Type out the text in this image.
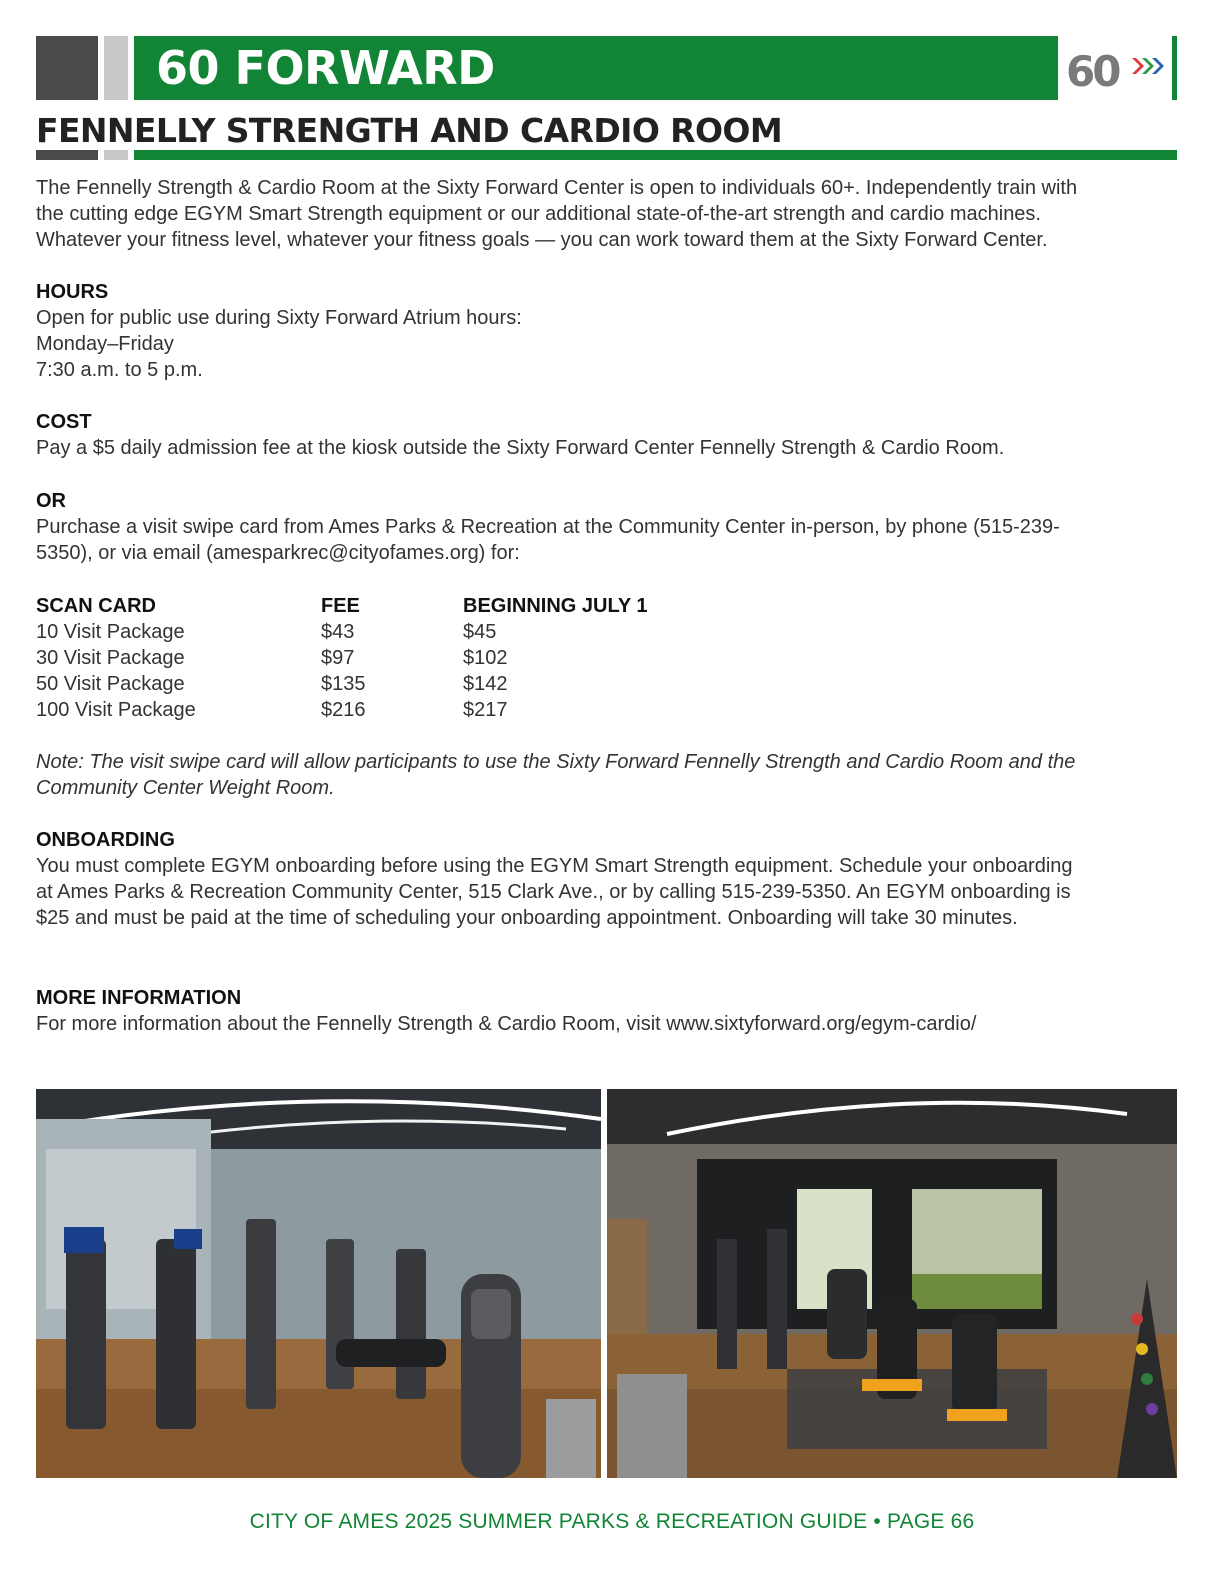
60 FORWARD	60
FENNELLY STRENGTH AND CARDIO ROOM
The Fennelly Strength & Cardio Room at the Sixty Forward Center is open to individuals 60+. Independently train with
the cutting edge EGYM Smart Strength equipment or our additional state-of-the-art strength and cardio machines.
Whatever your fitness level, whatever your fitness goals — you can work toward them at the Sixty Forward Center.
HOURS
Open for public use during Sixty Forward Atrium hours:
Monday–Friday
7:30 a.m. to 5 p.m.
COST
Pay a $5 daily admission fee at the kiosk outside the Sixty Forward Center Fennelly Strength & Cardio Room.
OR
Purchase a visit swipe card from Ames Parks & Recreation at the Community Center in-person, by phone (515-239-
5350), or via email (amesparkrec@cityofames.org) for:
SCAN CARD	FEE	BEGINNING JULY 1
10 Visit Package	$43	$45
30 Visit Package	$97	$102
50 Visit Package	$135	$142
100 Visit Package	$216	$217
Note: The visit swipe card will allow participants to use the Sixty Forward Fennelly Strength and Cardio Room and the
Community Center Weight Room.
ONBOARDING
You must complete EGYM onboarding before using the EGYM Smart Strength equipment. Schedule your onboarding
at Ames Parks & Recreation Community Center, 515 Clark Ave., or by calling 515-239-5350. An EGYM onboarding is
$25 and must be paid at the time of scheduling your onboarding appointment. Onboarding will take 30 minutes.
MORE INFORMATION
For more information about the Fennelly Strength & Cardio Room, visit www.sixtyforward.org/egym-cardio/
CITY OF AMES 2025 SUMMER PARKS & RECREATION GUIDE • PAGE 66
